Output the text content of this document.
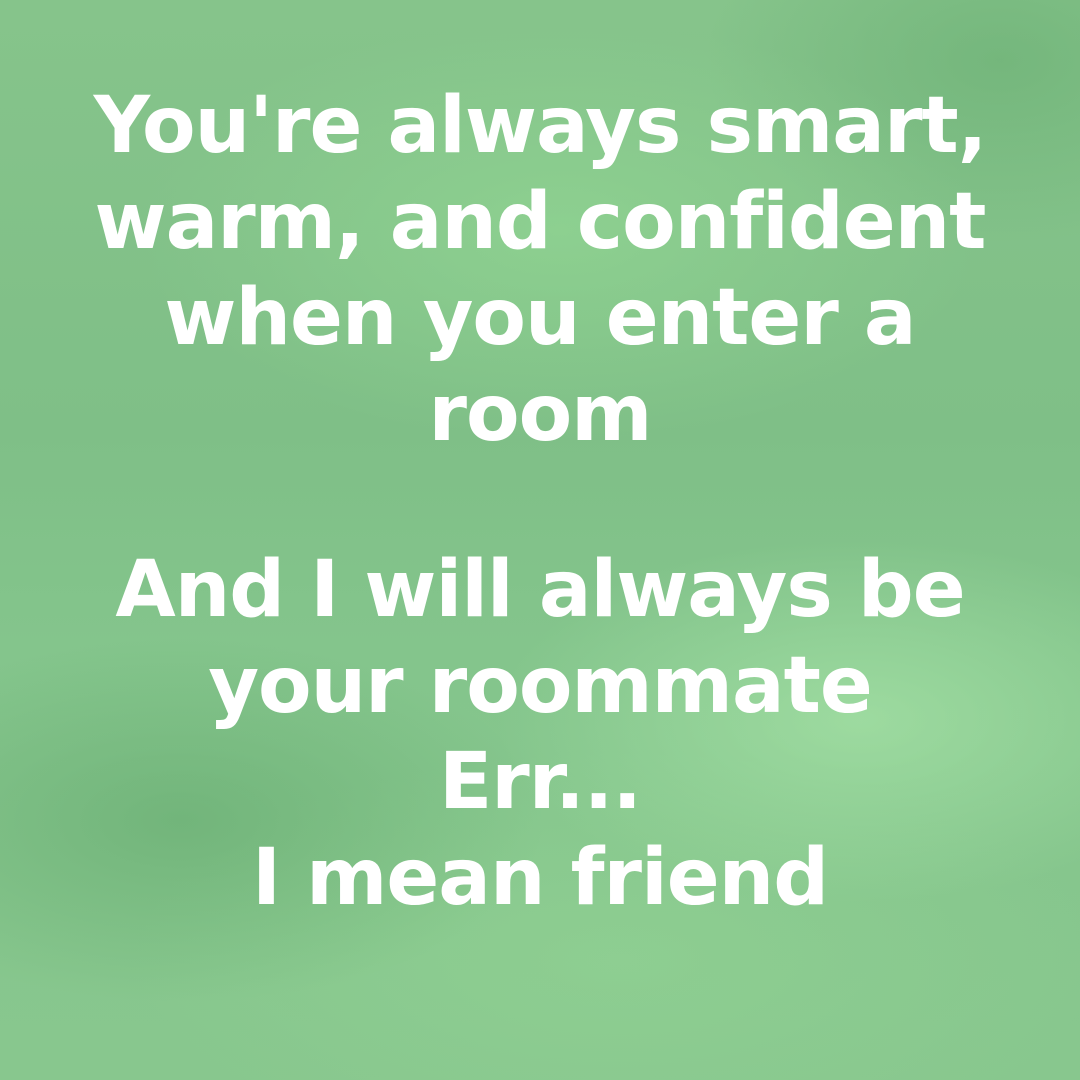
You're always smart,
warm, and confident
when you enter a
room
And I will always be
your roommate
Err...
I mean friend
